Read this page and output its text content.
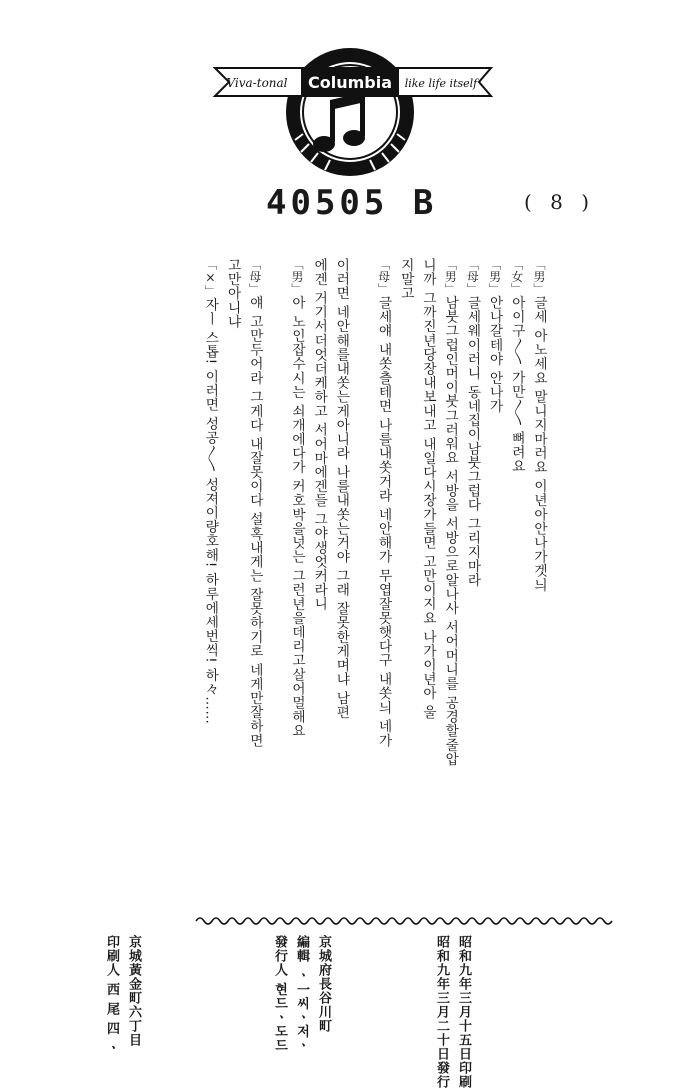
Viva-tonal Columbia like life itself
40505 B	( 8 )
「男」글세 아노세요 말니지마러요 이년아안나가겟늬
「女」아이구〳〵 가만〳〵 뼈려요
「男」안나갈테야 안나가
「母」글세웨이러니 동네집이남붓그럽다 그리지마라
「男」남붓그럽인머이붓그러워요 서방을 서방으로알나사 서어머니를 공경할줄압
니까 그까진년당장내보내고 내일다시장가들면 고만이지요 나가이년아 울
지말고
「母」글세얘 내쏫츨테면 나를내쏫거라 네안해가 무엽잘못햇다구 내쏫늬 네가
이러면 네안해를내쏫는게아니라 나를내쏫는거야 그래 잘못한게며냐 남편
에겐 거기서더엇더케하고 서어마에겐들 그야생엇커라니
「男」아 노인잡수시는 쇠개에다가 커호박을넛는 그런년을데리고살어멀해요
「母」얘 고만두어라 그게다 내잘못이다 설혹내게는 잘못하기로 네게만잘하면
고만아니냐
「×」자ㅣ 스톱! 이러면 성공〳〵 성져이량호해! 하루에세번씩! 하々……
昭和九年三月十五日印刷
昭和九年三月二十日發行
京城府長谷川町
編輯 ㆍ一씨ㆍ저ㆍ
發行人 현드ㆍ도드
京城黃金町六丁目
印刷人 西 尾 四 ㆍ
